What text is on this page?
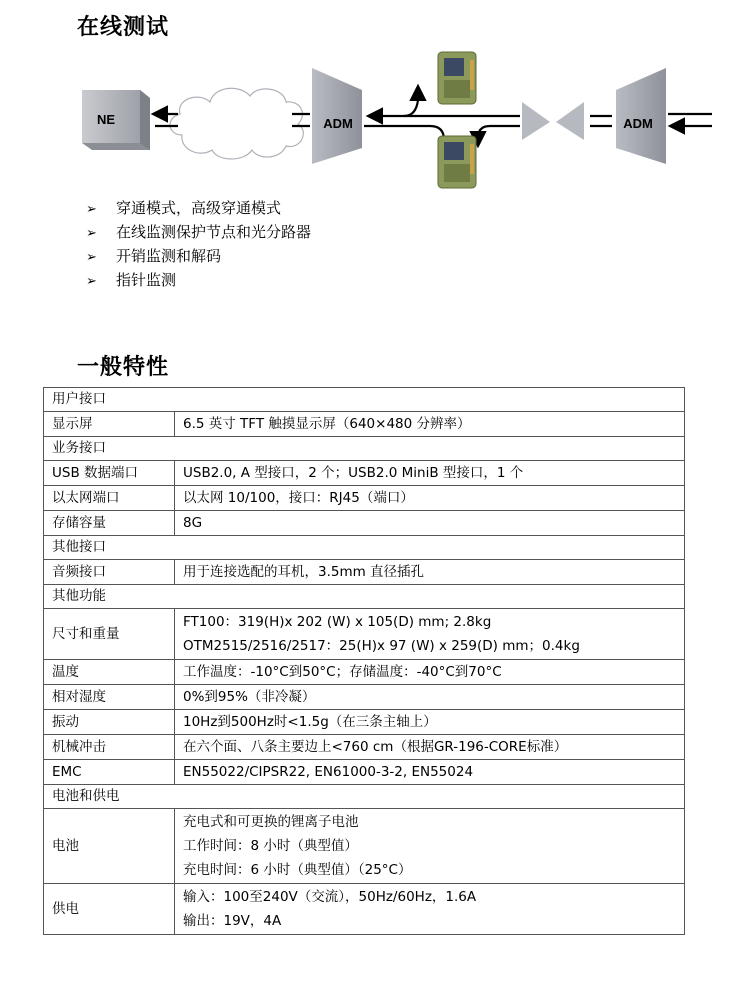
在线测试
NE	ADM	ADM
➢ 穿通模式，高级穿通模式
➢ 在线监测保护节点和光分路器
➢ 开销监测和解码
➢ 指针监测
一般特性
用户接口	
显示屏	6.5 英寸 TFT 触摸显示屏（640×480 分辨率）

业务接口	
USB 数据端口	USB2.0, A 型接口，2 个；USB2.0 MiniB 型接口，1 个

以太网端口	以太网 10/100，接口：RJ45（端口）

存储容量	8G

其他接口	
音频接口	用于连接选配的耳机，3.5mm 直径插孔

其他功能	
尺寸和重量	FT100：319(H)x 202 (W) x 105(D) mm; 2.8kg
OTM2515/2516/2517：25(H)x 97 (W) x 259(D) mm；0.4kg

温度	工作温度：-10°C到50°C；存储温度：-40°C到70°C

相对湿度	0%到95%（非冷凝）

振动	10Hz到500Hz时<1.5g（在三条主轴上）

机械冲击	在六个面、八条主要边上<760 cm（根据GR-196-CORE标准）

EMC	EN55022/CIPSR22, EN61000-3-2, EN55024

电池和供电	
电池	充电式和可更换的锂离子电池
工作时间：8 小时（典型值）
充电时间：6 小时（典型值）（25°C）

供电	输入：100至240V（交流），50Hz/60Hz，1.6A
输出：19V，4A
